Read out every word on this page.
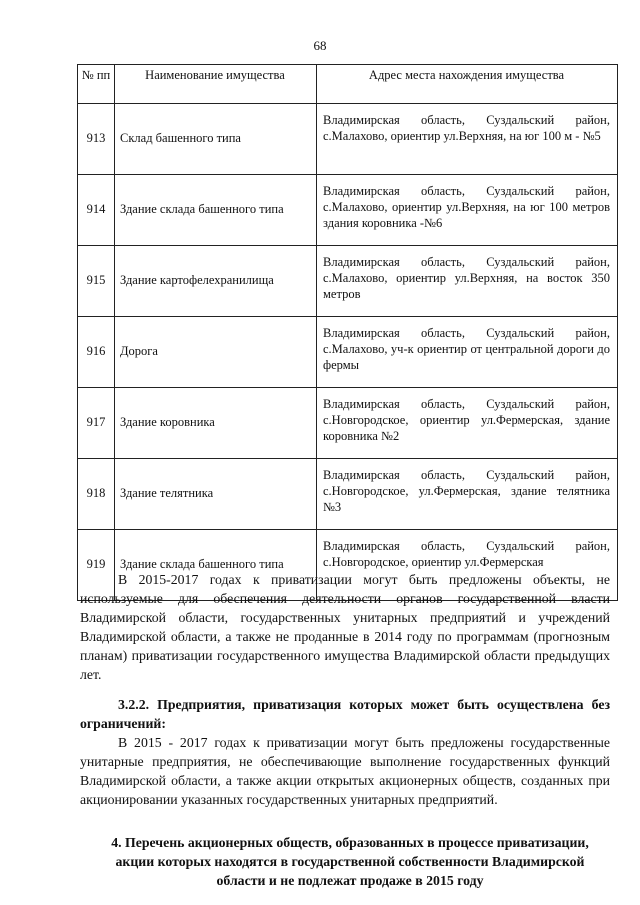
68
№ пп	Наименование имущества	Адрес места нахождения имущества
913	Склад башенного типа	Владимирская область, Суздальский район, с.Малахово, ориентир ул.Верхняя, на юг 100 м - №5
914	Здание склада башенного типа	Владимирская область, Суздальский район, с.Малахово, ориентир ул.Верхняя, на юг 100 метров здания коровника -№6
915	Здание картофелехранилища	Владимирская область, Суздальский район, с.Малахово, ориентир ул.Верхняя, на восток 350 метров
916	Дорога	Владимирская область, Суздальский район, с.Малахово, уч-к ориентир от центральной дороги до фермы
917	Здание коровника	Владимирская область, Суздальский район, с.Новгородское, ориентир ул.Фермерская, здание коровника №2
918	Здание телятника	Владимирская область, Суздальский район, с.Новгородское, ул.Фермерская, здание телятника №3
919	Здание склада башенного типа	Владимирская область, Суздальский район, с.Новгородское, ориентир ул.Фермерская

В 2015-2017 годах к приватизации могут быть предложены объекты, не используемые для обеспечения деятельности органов государственной власти Владимирской области, государственных унитарных предприятий и учреждений Владимирской области, а также не проданные в 2014 году по программам (прогнозным планам) приватизации государственного имущества Владимирской области предыдущих лет.

3.2.2. Предприятия, приватизация которых может быть осуществлена без ограничений:

В 2015 - 2017 годах к приватизации могут быть предложены государственные унитарные предприятия, не обеспечивающие выполнение государственных функций Владимирской области, а также акции открытых акционерных обществ, созданных при акционировании указанных государственных унитарных предприятий.

4. Перечень акционерных обществ, образованных в процессе приватизации, акции которых находятся в государственной собственности Владимирской области и не подлежат продаже в 2015 году
